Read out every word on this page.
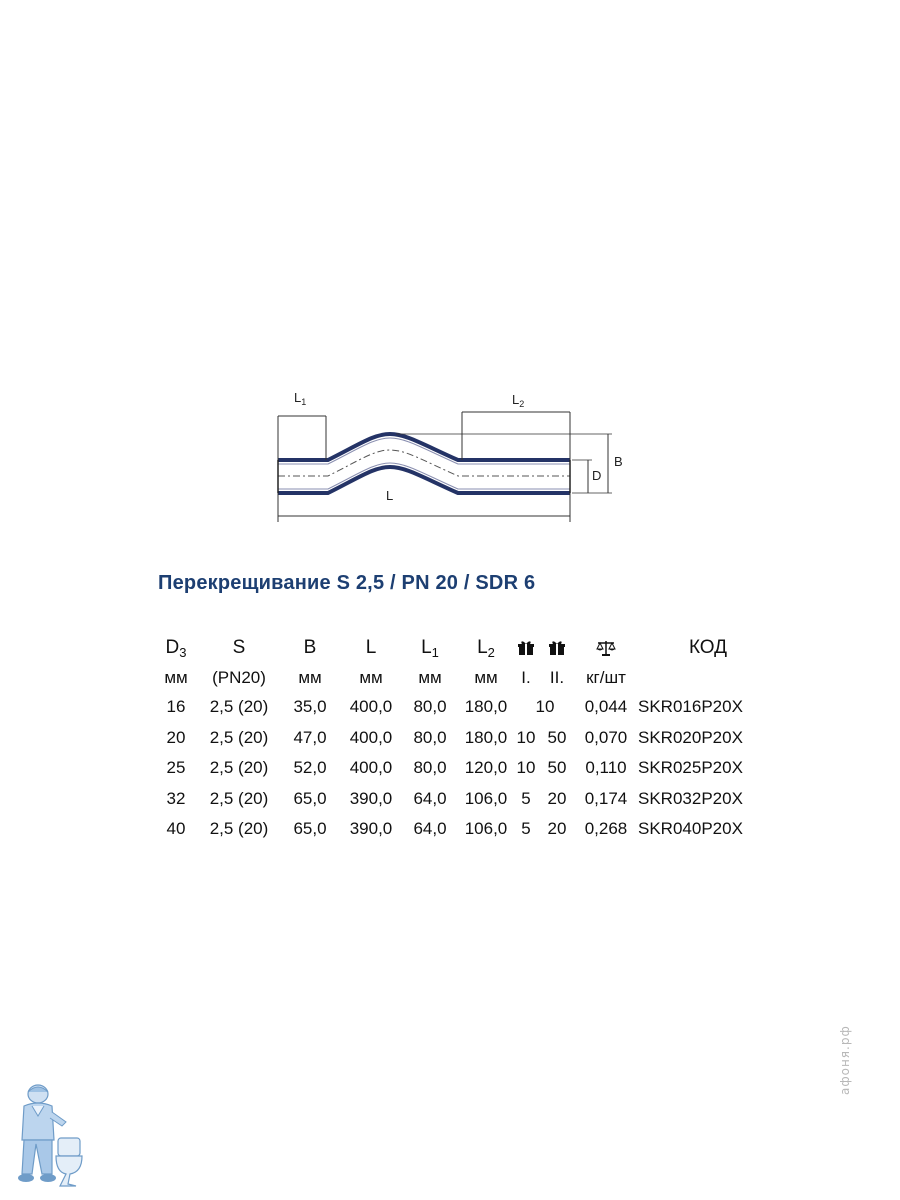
$L_1$	$L_2$
B
D
L
Перекрещивание S 2,5 / PN 20 / SDR 6
$D_3$	S	B	L	$L_1$	$L_2$				КОД
мм	(PN20)	мм	мм	мм	мм	I.	II.	кг/шт	
16	2,5 (20)	35,0	400,0	80,0	180,0	10		0,044	SKR016P20X
20	2,5 (20)	47,0	400,0	80,0	180,0	10	50	0,070	SKR020P20X
25	2,5 (20)	52,0	400,0	80,0	120,0	10	50	0,110	SKR025P20X
32	2,5 (20)	65,0	390,0	64,0	106,0	5	20	0,174	SKR032P20X
40	2,5 (20)	65,0	390,0	64,0	106,0	5	20	0,268	SKR040P20X
афоня.рф
